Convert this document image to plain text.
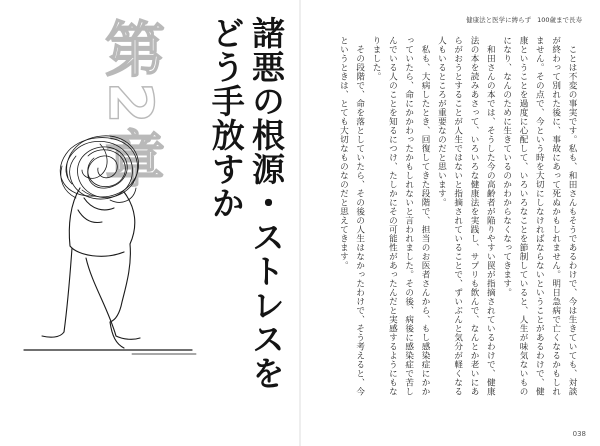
第2章 諸悪の根源・ストレスを
どう手放すか	健康法と医学に縛らず 100歳まで長寿

ことは不変の事実です。私も、和田さんもそうであるわけで、今は生きていても、対談が終わって別れた後に、事故にあって死ぬかもしれません。明日急病で亡くなるかもしれません。その点で、今という時を大切にしなければならないということがあるわけで、健康ということを過度に心配して、いろいろなことを節制していると、人生が味気ないものになり、なんのために生きているのかわからなくなってきます。

和田さんの本では、そうした今の高齢者が陥りやすい罠が指摘されているわけで、健康法の本を読みあさって、いろいろな健康法を実践し、サプリも飲んで、なんとか老いにあらがおうとすることが人生ではないと指摘されていることで、ずいぶんと気分が軽くなる人もいるところが重要なのだと思います。

私も、大病したとき、回復してきた段階で、担当のお医者さんから、もし感染症にかかっていたら、命にかかわったかもしれないと言われました。その後、病後に感染症で苦しんでいる人のことを知るにつけ、たしかにその可能性があったんだと実感するようにもなりました。

その段階で、命を落としていたら、その後の人生はなかったわけで、そう考えると、今というときは、とても大切なものなのだと思えてきます。

038
